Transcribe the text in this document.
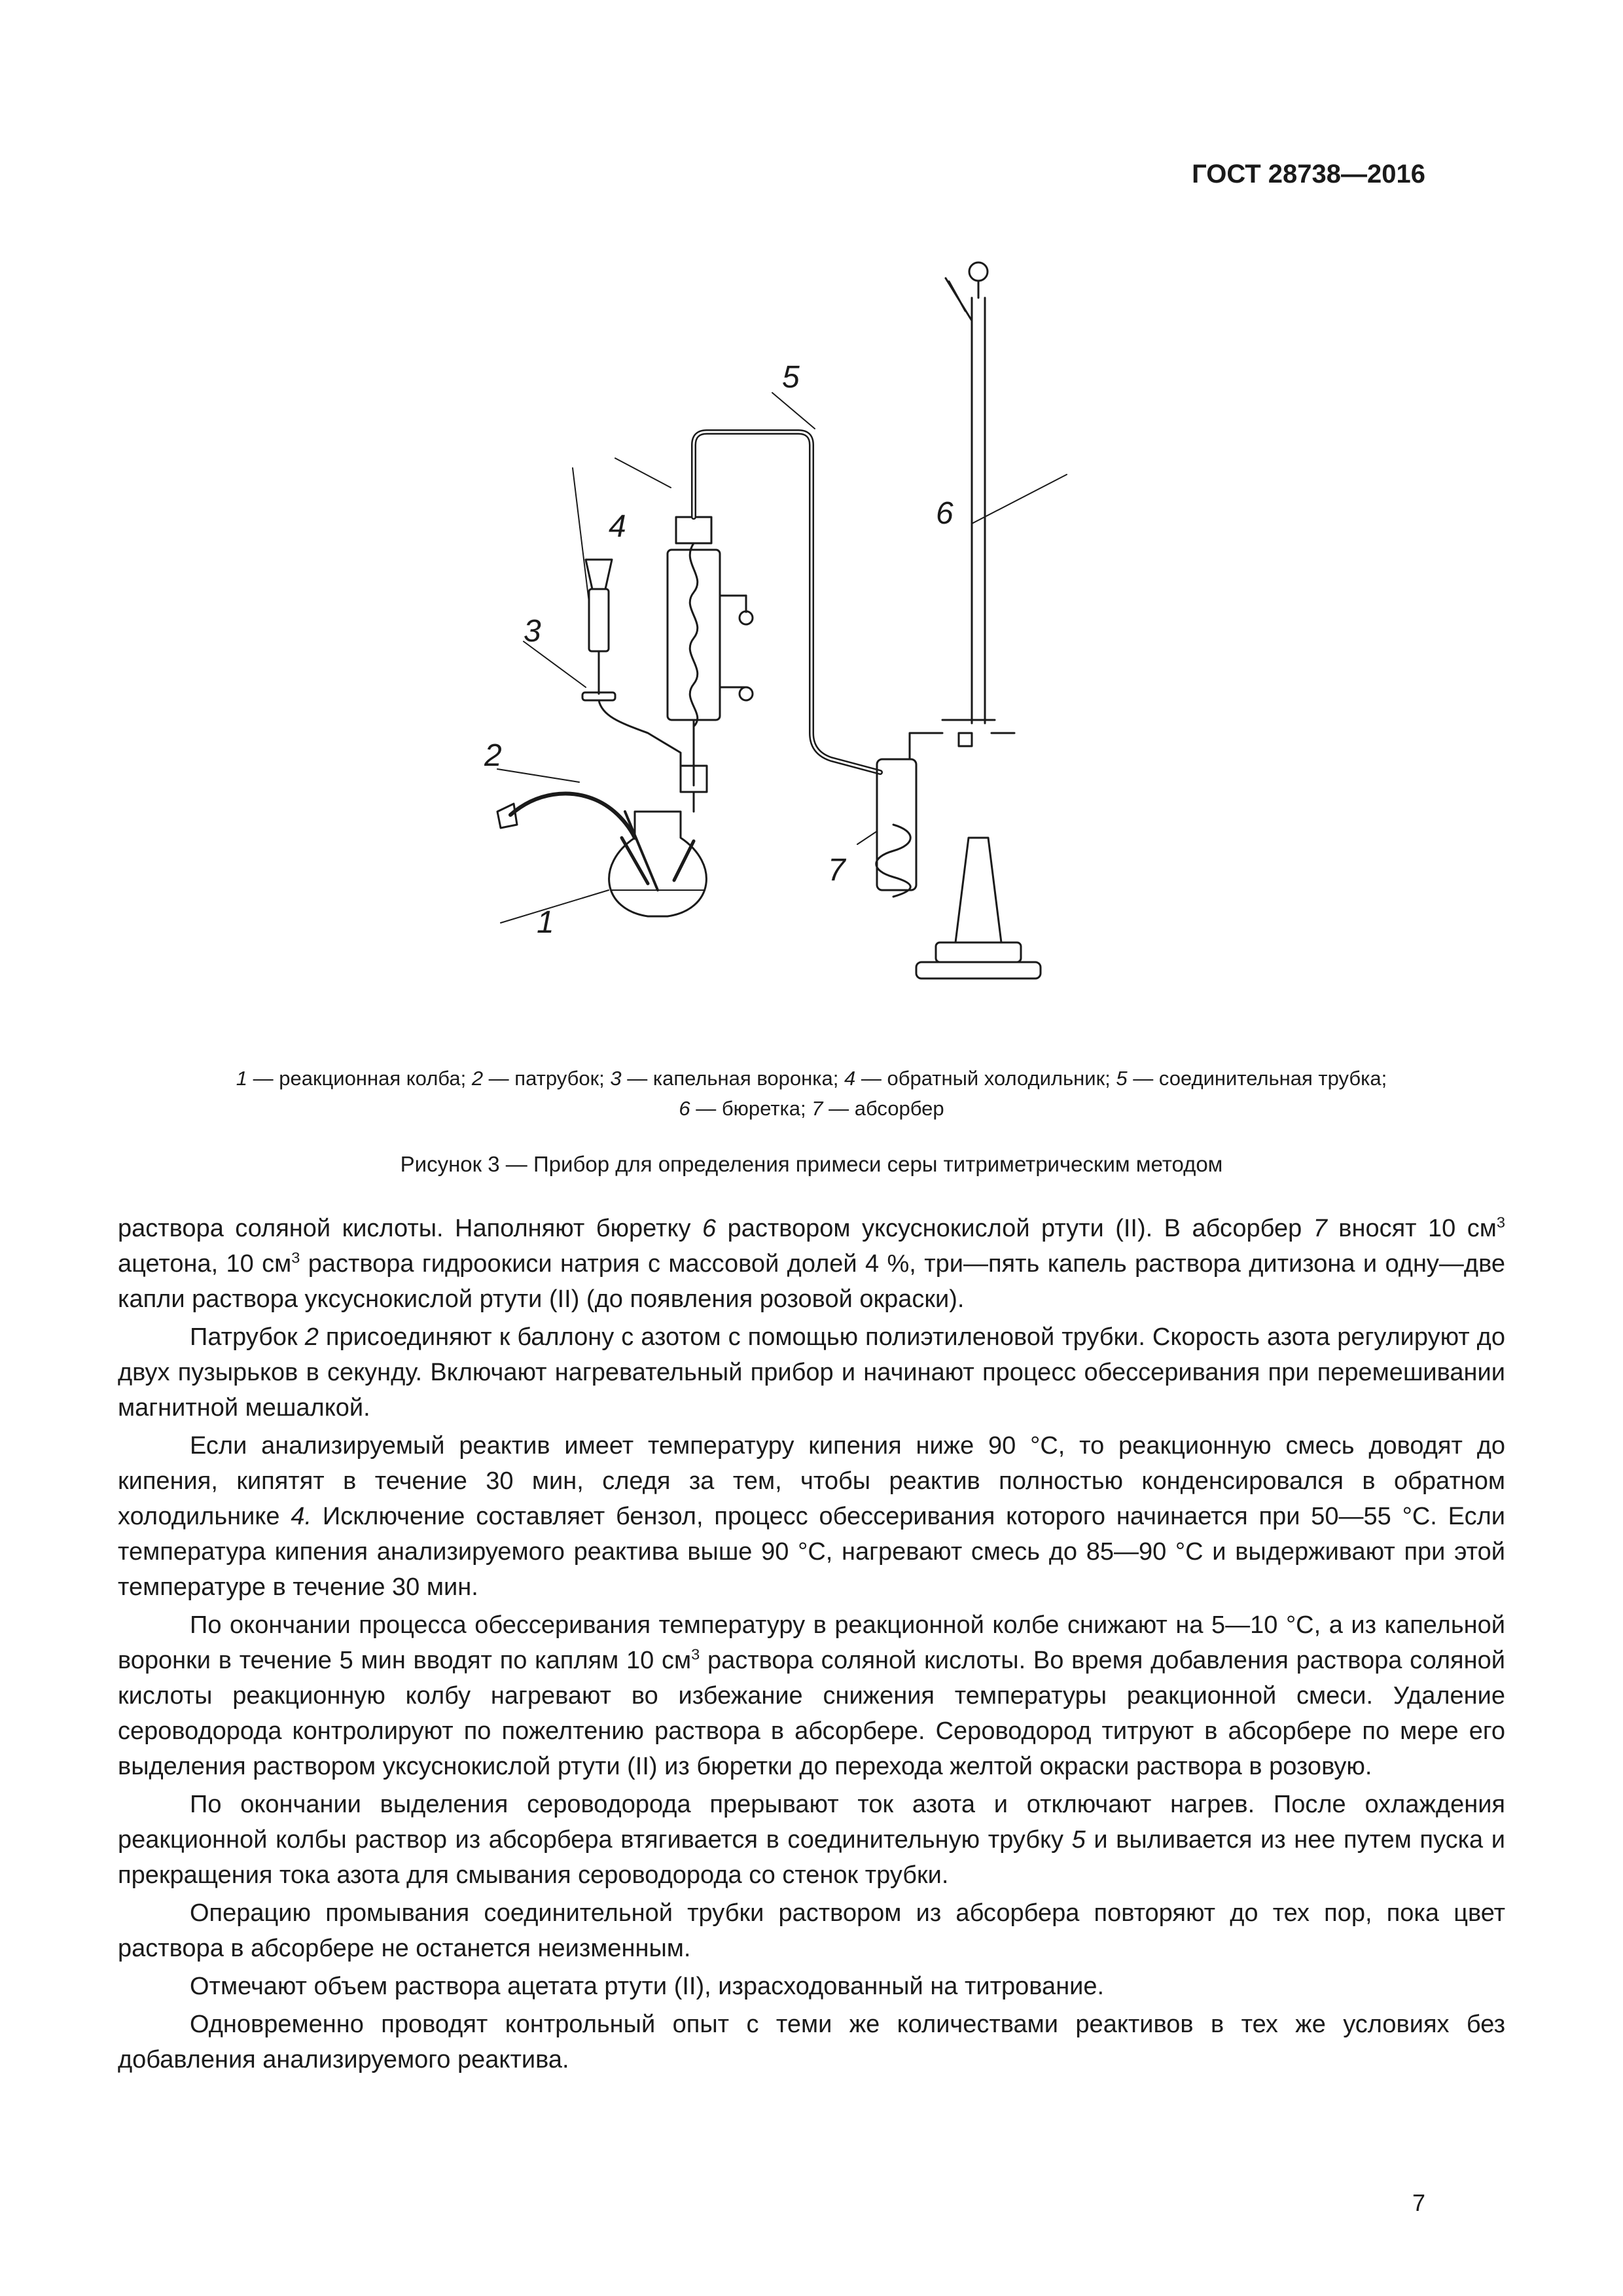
ГОСТ 28738—2016
1
2
3
4
5
6
7
1 — реакционная колба; 2 — патрубок; 3 — капельная воронка; 4 — обратный холодильник; 5 — соединительная трубка;
6 — бюретка; 7 — абсорбер
Рисунок 3 — Прибор для определения примеси серы титриметрическим методом

раствора соляной кислоты. Наполняют бюретку 6 раствором уксуснокислой ртути (II). В абсорбер 7 вносят 10 $см^3$ ацетона, 10 $см^3$ раствора гидроокиси натрия с массовой долей 4 %, три—пять капель раствора дитизона и одну—две капли раствора уксуснокислой ртути (II) (до появления розовой окраски).

Патрубок 2 присоединяют к баллону с азотом с помощью полиэтиленовой трубки. Скорость азота регулируют до двух пузырьков в секунду. Включают нагревательный прибор и начинают процесс обессеривания при перемешивании магнитной мешалкой.

Если анализируемый реактив имеет температуру кипения ниже 90 °С, то реакционную смесь доводят до кипения, кипятят в течение 30 мин, следя за тем, чтобы реактив полностью конденсировался в обратном холодильнике 4. Исключение составляет бензол, процесс обессеривания которого начинается при 50—55 °С. Если температура кипения анализируемого реактива выше 90 °С, нагревают смесь до 85—90 °С и выдерживают при этой температуре в течение 30 мин.

По окончании процесса обессеривания температуру в реакционной колбе снижают на 5—10 °С, а из капельной воронки в течение 5 мин вводят по каплям 10 $см^3$ раствора соляной кислоты. Во время добавления раствора соляной кислоты реакционную колбу нагревают во избежание снижения температуры реакционной смеси. Удаление сероводорода контролируют по пожелтению раствора в абсорбере. Сероводород титруют в абсорбере по мере его выделения раствором уксуснокислой ртути (II) из бюретки до перехода желтой окраски раствора в розовую.

По окончании выделения сероводорода прерывают ток азота и отключают нагрев. После охлаждения реакционной колбы раствор из абсорбера втягивается в соединительную трубку 5 и выливается из нее путем пуска и прекращения тока азота для смывания сероводорода со стенок трубки.

Операцию промывания соединительной трубки раствором из абсорбера повторяют до тех пор, пока цвет раствора в абсорбере не останется неизменным.

Отмечают объем раствора ацетата ртути (II), израсходованный на титрование.

Одновременно проводят контрольный опыт с теми же количествами реактивов в тех же условиях без добавления анализируемого реактива.

7
